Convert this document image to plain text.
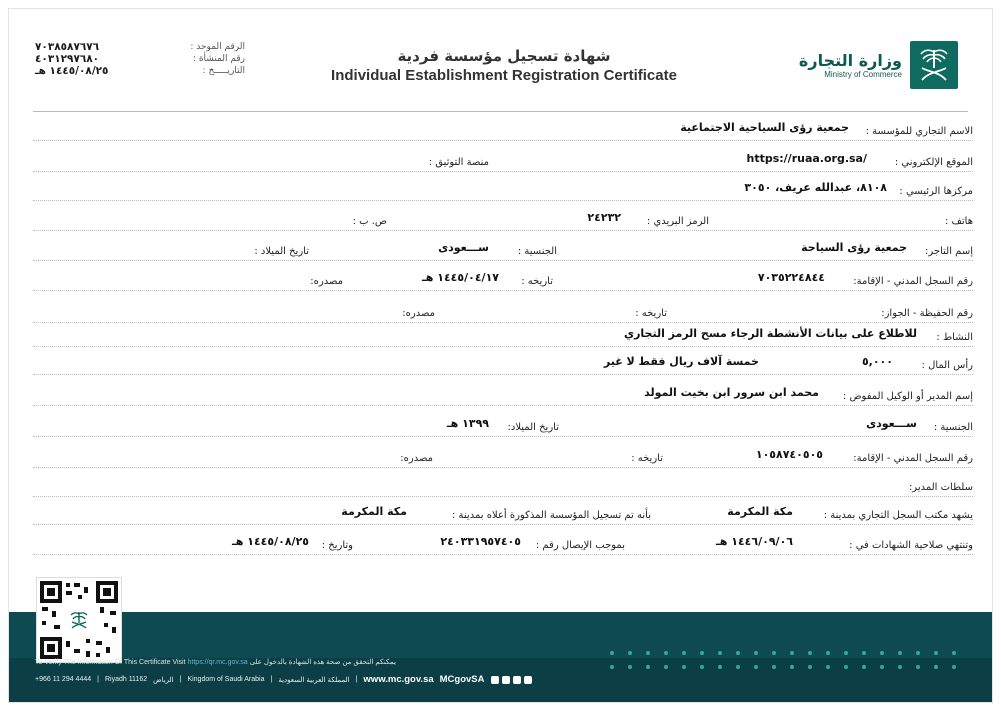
٧٠٣٨٥٨٧٦٧٦	الرقم الموحد :
٤٠٣١٢٩٧٦٨٠	رقم المنشأة :
١٤٤٥/٠٨/٢٥ هـ	التاريـــــخ :
شهادة تسجيل مؤسسة فردية
Individual Establishment Registration Certificate
وزارة التجارة
Ministry of Commerce
الاسم التجاري للمؤسسة :
جمعية رؤى السياحية الاجتماعية
الموقع الإلكتروني :
https://ruaa.org.sa/
منصة التوثيق :
مركزها الرئيسي :
٨١٠٨، عبدالله عريف، ٣٠٥٠
هاتف :
الرمز البريدي :
٢٤٢٣٢
ص. ب :
إسم التاجر:
جمعية رؤى السياحة
الجنسية :
ســـعودى
تاريخ الميلاد :
رقم السجل المدني - الإقامة:
٧٠٣٥٢٢٤٨٤٤
تاريخه :
١٤٤٥/٠٤/١٧ هـ
مصدره:
رقم الحفيظة - الجواز:
تاريخه :
مصدره:
النشاط :
للاطلاع على بيانات الأنشطة الرجاء مسح الرمز التجاري
رأس المال :
٥,٠٠٠
خمسة آلاف ريال فقط لا غير
إسم المدير أو الوكيل المفوض :
محمد ابن سرور ابن بخيت المولد
الجنسية :
ســـعودى
تاريخ الميلاد:
١٣٩٩ هـ
رقم السجل المدني - الإقامة:
١٠٥٨٧٤٠٥٠٥
تاريخه :
مصدره:
سلطات المدير:
يشهد مكتب السجل التجاري بمدينة :
مكة المكرمة
بأنه تم تسجيل المؤسسة المذكورة أعلاه بمدينة :
مكة المكرمة
وتنتهي صلاحية الشهادات في :
١٤٤٦/٠٩/٠٦ هـ
بموجب الإيصال رقم :
٢٤٠٣٣١٩٥٧٤٠٥
وتاريخ :
١٤٤٥/٠٨/٢٥ هـ
To Verify The Information Of This Certificate Visit https://qr.mc.gov.sa يمكنكم التحقق من صحة هذه الشهادة بالدخول على
+966 11 294 4444 | Riyadh 11162 الرياض | Kingdom of Saudi Arabia | المملكة العربية السعودية | www.mc.gov.sa MCgovSA
